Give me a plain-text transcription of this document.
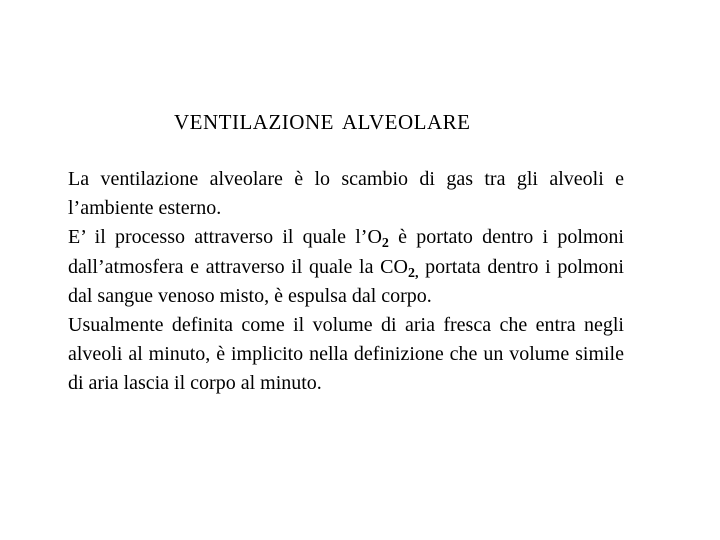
VENTILAZIONE ALVEOLARE

La ventilazione alveolare è lo scambio di gas tra gli alveoli e l’ambiente esterno.

E’ il processo attraverso il quale $l’O_2$ è portato dentro i polmoni dall’atmosfera e attraverso il quale la $CO_{2,}$ portata dentro i polmoni dal sangue venoso misto, è espulsa dal corpo.

Usualmente definita come il volume di aria fresca che entra negli alveoli al minuto, è implicito nella definizione che un volume simile di aria lascia il corpo al minuto.
